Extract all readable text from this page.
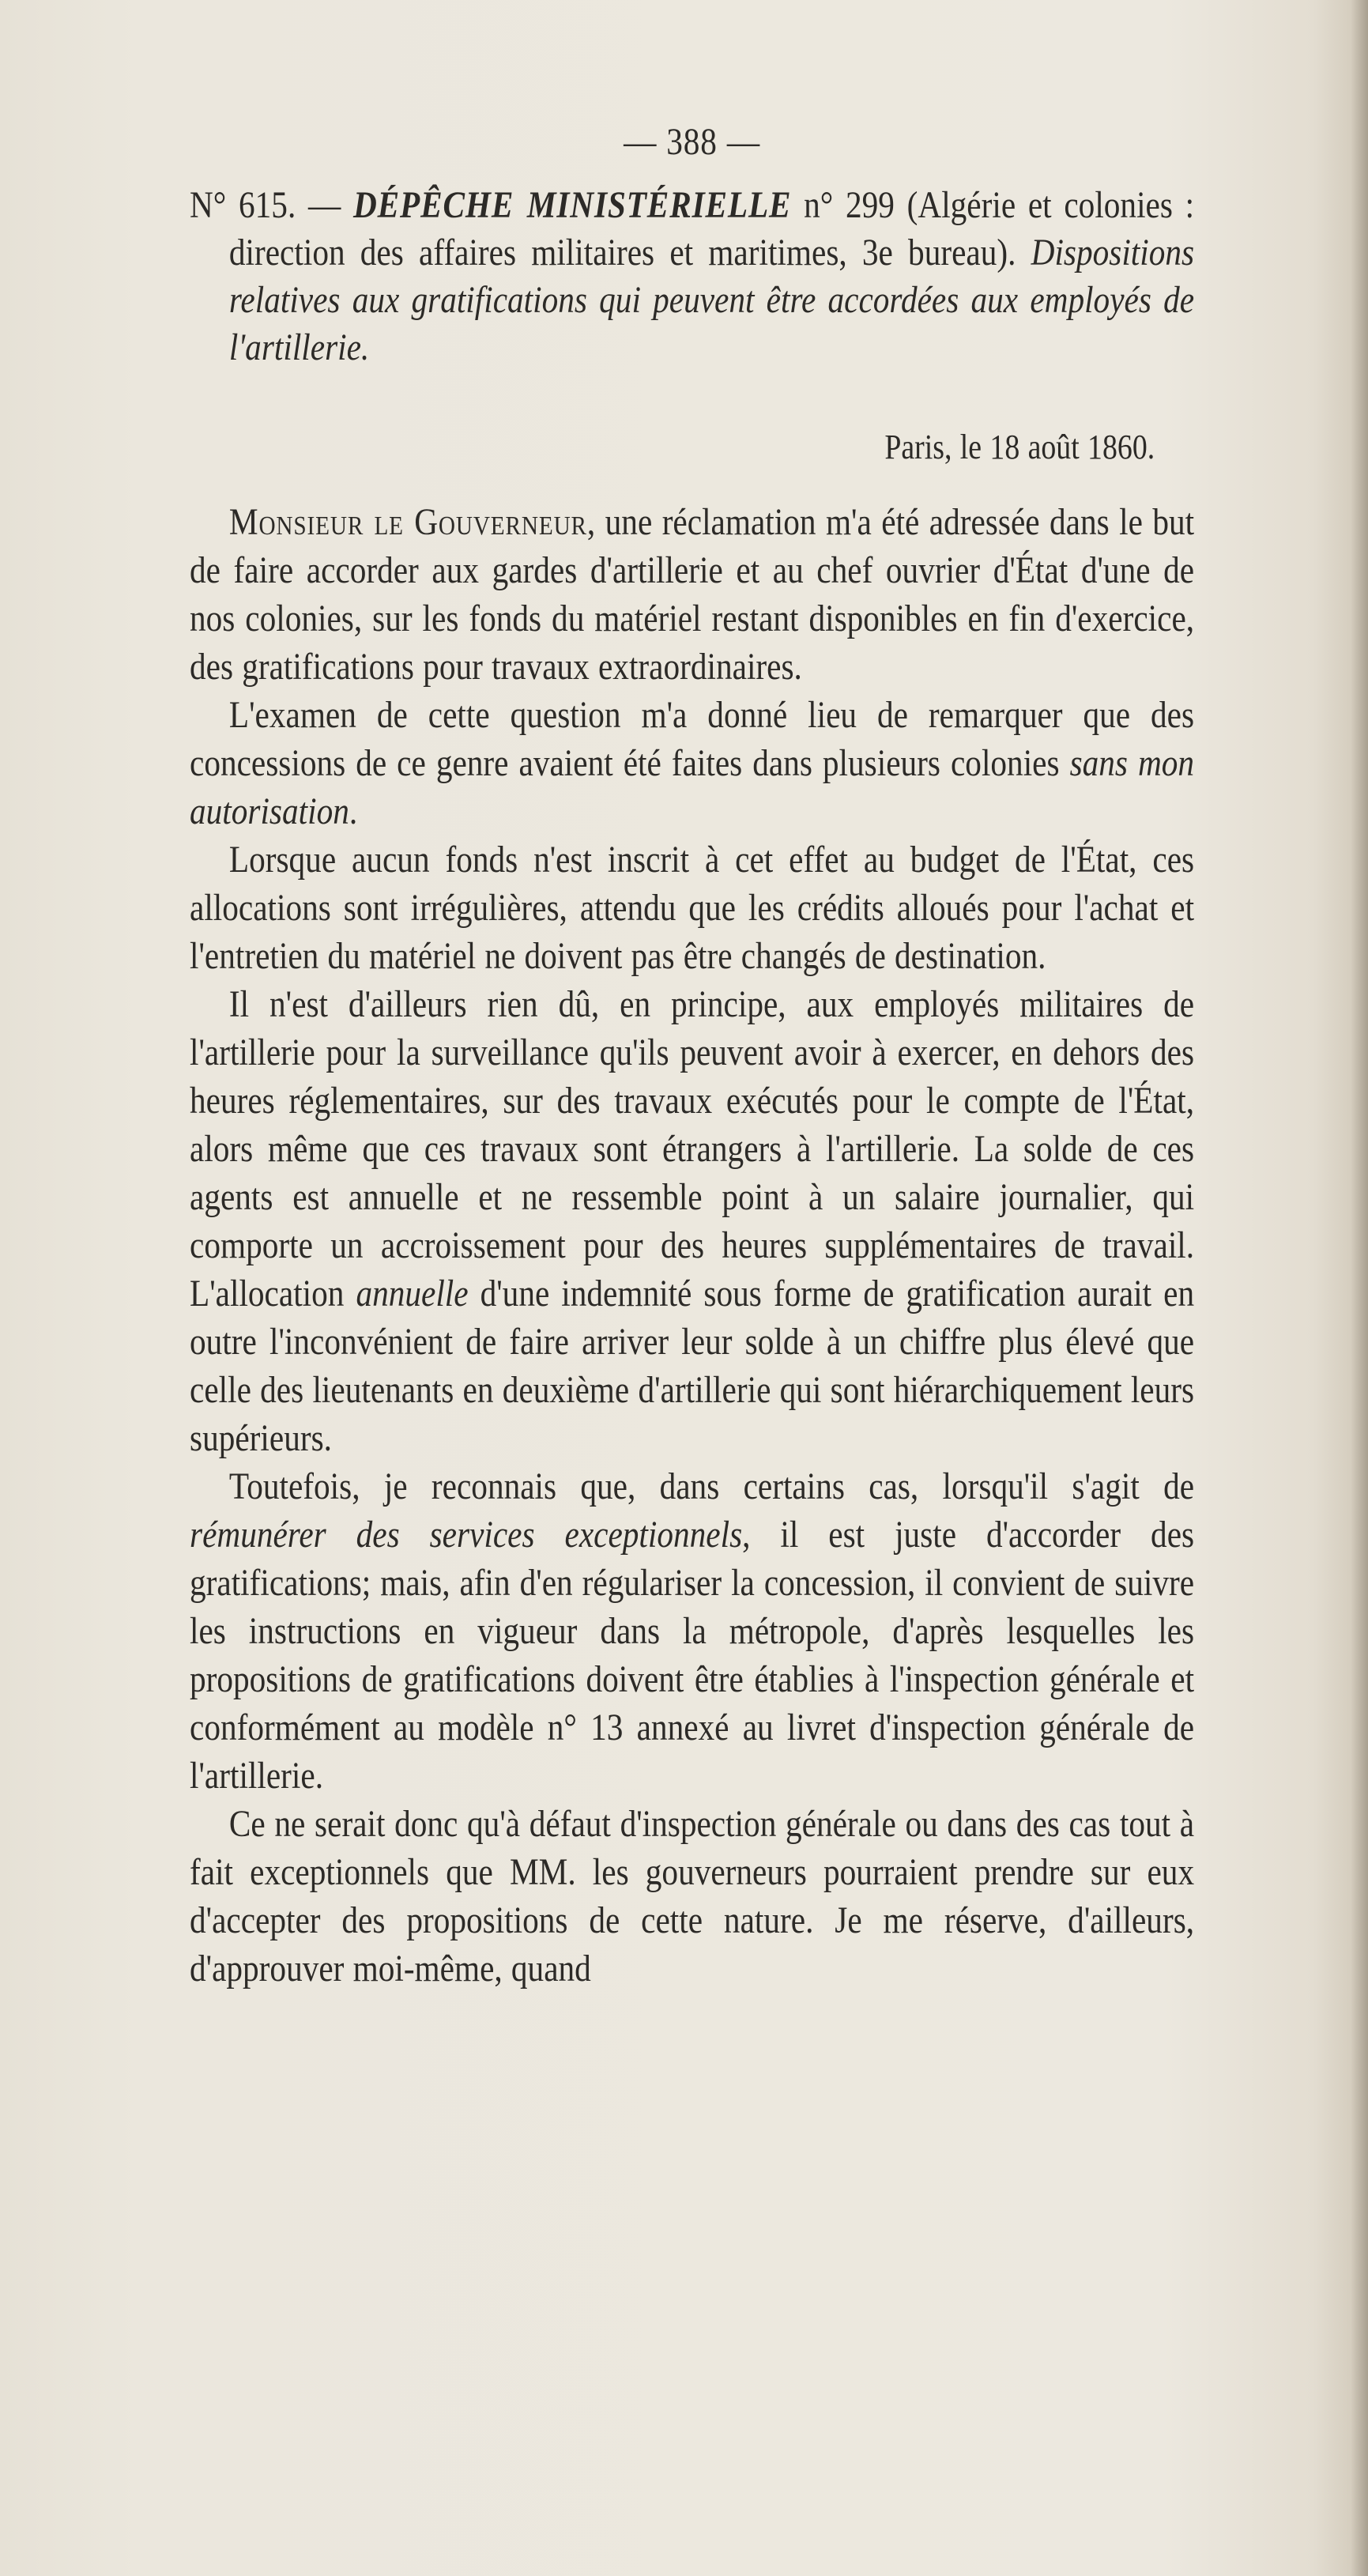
— 388 —

N° 615. — DÉPÊCHE MINISTÉRIELLE n° 299 (Algérie et colonies : direction des affaires militaires et maritimes, 3e bureau). Dispositions relatives aux gratifications qui peuvent être accordées aux employés de l'artillerie.

Paris, le 18 août 1860.

Monsieur le Gouverneur, une réclamation m'a été adressée dans le but de faire accorder aux gardes d'artillerie et au chef ouvrier d'État d'une de nos colonies, sur les fonds du matériel restant disponibles en fin d'exercice, des gratifications pour travaux extraordinaires.

L'examen de cette question m'a donné lieu de remarquer que des concessions de ce genre avaient été faites dans plusieurs colonies sans mon autorisation.

Lorsque aucun fonds n'est inscrit à cet effet au budget de l'État, ces allocations sont irrégulières, attendu que les crédits alloués pour l'achat et l'entretien du matériel ne doivent pas être changés de destination.

Il n'est d'ailleurs rien dû, en principe, aux employés militaires de l'artillerie pour la surveillance qu'ils peuvent avoir à exercer, en dehors des heures réglementaires, sur des travaux exécutés pour le compte de l'État, alors même que ces travaux sont étrangers à l'artillerie. La solde de ces agents est annuelle et ne ressemble point à un salaire journalier, qui comporte un accroissement pour des heures supplémentaires de travail. L'allocation annuelle d'une indemnité sous forme de gratification aurait en outre l'inconvénient de faire arriver leur solde à un chiffre plus élevé que celle des lieutenants en deuxième d'artillerie qui sont hiérarchiquement leurs supérieurs.

Toutefois, je reconnais que, dans certains cas, lorsqu'il s'agit de rémunérer des services exceptionnels, il est juste d'accorder des gratifications; mais, afin d'en régulariser la concession, il convient de suivre les instructions en vigueur dans la métropole, d'après lesquelles les propositions de gratifications doivent être établies à l'inspection générale et conformément au modèle n° 13 annexé au livret d'inspection générale de l'artillerie.

Ce ne serait donc qu'à défaut d'inspection générale ou dans des cas tout à fait exceptionnels que MM. les gouverneurs pourraient prendre sur eux d'accepter des propositions de cette nature. Je me réserve, d'ailleurs, d'approuver moi-même, quand
